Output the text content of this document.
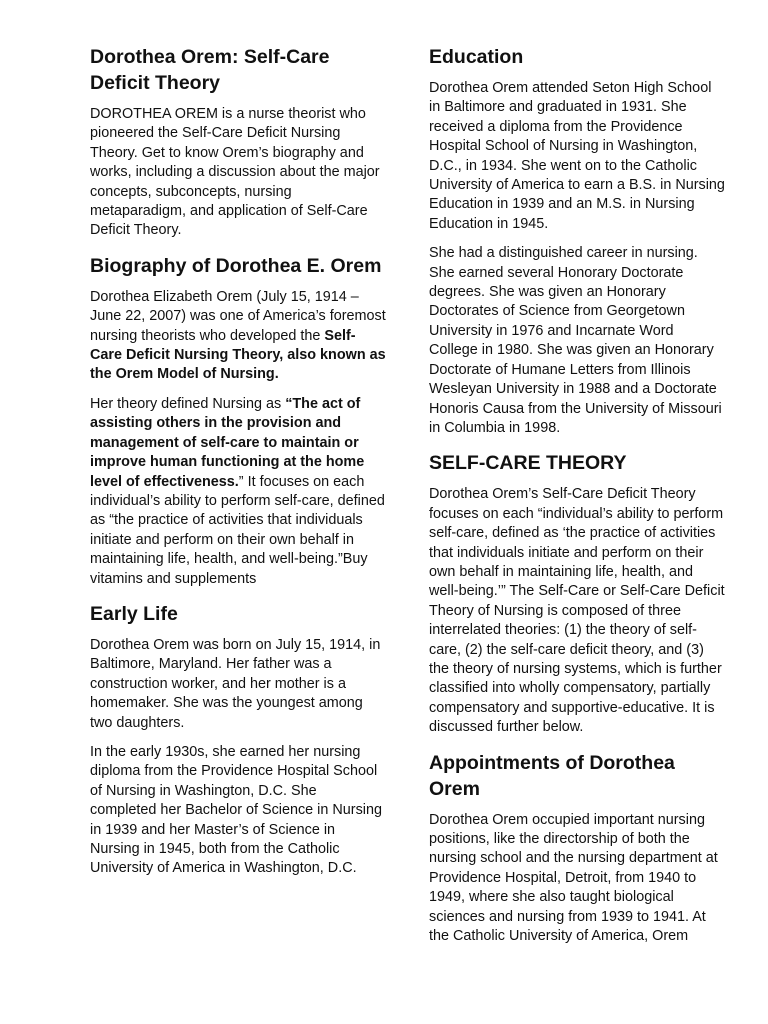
Dorothea Orem: Self-Care Deficit Theory

DOROTHEA OREM is a nurse theorist who pioneered the Self-Care Deficit Nursing Theory. Get to know Orem’s biography and works, including a discussion about the major concepts, subconcepts, nursing metaparadigm, and application of Self-Care Deficit Theory.

Biography of Dorothea E. Orem

Dorothea Elizabeth Orem (July 15, 1914 – June 22, 2007) was one of America’s foremost nursing theorists who developed the Self-Care Deficit Nursing Theory, also known as the Orem Model of Nursing.

Her theory defined Nursing as “The act of assisting others in the provision and management of self-care to maintain or improve human functioning at the home level of effectiveness.” It focuses on each individual’s ability to perform self-care, defined as “the practice of activities that individuals initiate and perform on their own behalf in maintaining life, health, and well-being.”Buy vitamins and supplements

Early Life

Dorothea Orem was born on July 15, 1914, in Baltimore, Maryland. Her father was a construction worker, and her mother is a homemaker. She was the youngest among two daughters.

In the early 1930s, she earned her nursing diploma from the Providence Hospital School of Nursing in Washington, D.C. She completed her Bachelor of Science in Nursing in 1939 and her Master’s of Science in Nursing in 1945, both from the Catholic University of America in Washington, D.C.

Education

Dorothea Orem attended Seton High School in Baltimore and graduated in 1931. She received a diploma from the Providence Hospital School of Nursing in Washington, D.C., in 1934. She went on to the Catholic University of America to earn a B.S. in Nursing Education in 1939 and an M.S. in Nursing Education in 1945.

She had a distinguished career in nursing. She earned several Honorary Doctorate degrees. She was given an Honorary Doctorates of Science from Georgetown University in 1976 and Incarnate Word College in 1980. She was given an Honorary Doctorate of Humane Letters from Illinois Wesleyan University in 1988 and a Doctorate Honoris Causa from the University of Missouri in Columbia in 1998.

SELF-CARE THEORY

Dorothea Orem’s Self-Care Deficit Theory focuses on each “individual’s ability to perform self-care, defined as ‘the practice of activities that individuals initiate and perform on their own behalf in maintaining life, health, and well-being.’” The Self-Care or Self-Care Deficit Theory of Nursing is composed of three interrelated theories: (1) the theory of self-care, (2) the self-care deficit theory, and (3) the theory of nursing systems, which is further classified into wholly compensatory, partially compensatory and supportive-educative. It is discussed further below.

Appointments of Dorothea Orem

Dorothea Orem occupied important nursing positions, like the directorship of both the nursing school and the nursing department at Providence Hospital, Detroit, from 1940 to 1949, where she also taught biological sciences and nursing from 1939 to 1941. At the Catholic University of America, Orem
